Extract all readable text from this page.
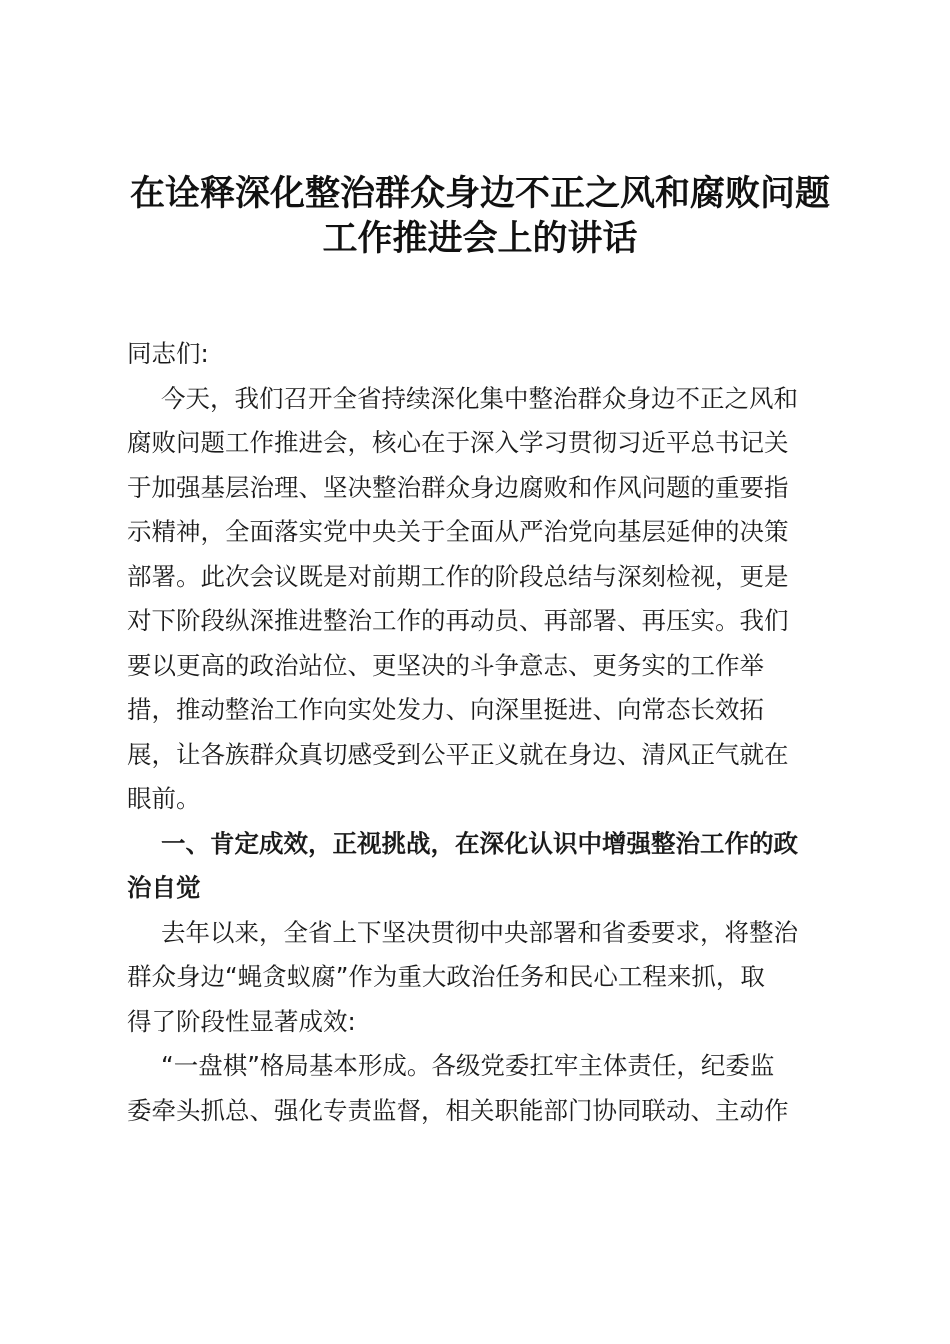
在诠释深化整治群众身边不正之风和腐败问题
工作推进会上的讲话
同志们:
今天，我们召开全省持续深化集中整治群众身边不正之风和
腐败问题工作推进会，核心在于深入学习贯彻习近平总书记关
于加强基层治理、坚决整治群众身边腐败和作风问题的重要指
示精神，全面落实党中央关于全面从严治党向基层延伸的决策
部署。此次会议既是对前期工作的阶段总结与深刻检视，更是
对下阶段纵深推进整治工作的再动员、再部署、再压实。我们
要以更高的政治站位、更坚决的斗争意志、更务实的工作举
措，推动整治工作向实处发力、向深里挺进、向常态长效拓
展，让各族群众真切感受到公平正义就在身边、清风正气就在
眼前。
一、肯定成效，正视挑战，在深化认识中增强整治工作的政
治自觉
去年以来，全省上下坚决贯彻中央部署和省委要求，将整治
群众身边“蝇贪蚁腐”作为重大政治任务和民心工程来抓，取
得了阶段性显著成效:
“一盘棋”格局基本形成。各级党委扛牢主体责任，纪委监
委牵头抓总、强化专责监督，相关职能部门协同联动、主动作
